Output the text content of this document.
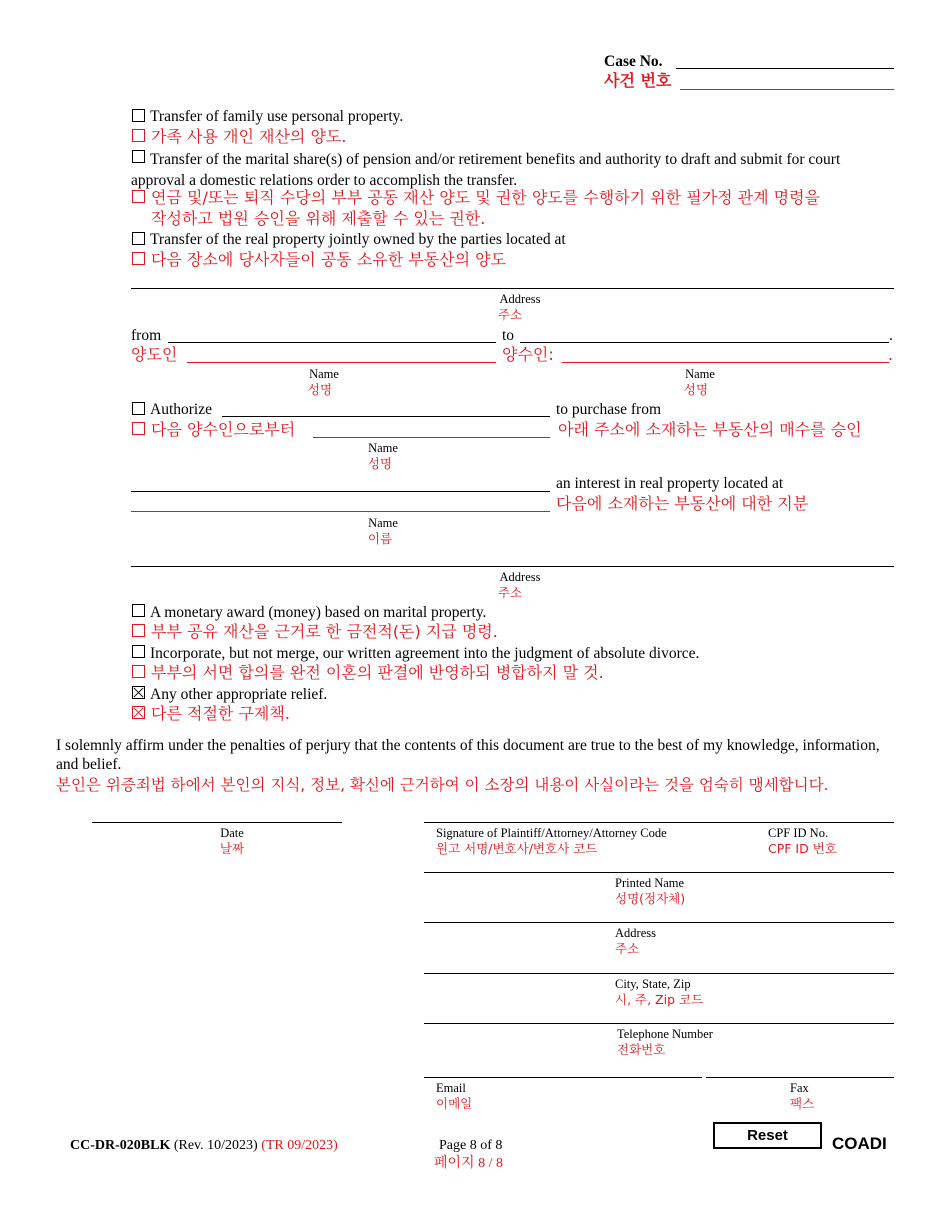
Case No.
사건 번호
Transfer of family use personal property.
가족 사용 개인 재산의 양도.
Transfer of the marital share(s) of pension and/or retirement benefits and authority to draft and submit for court approval a domestic relations order to accomplish the transfer.
연금 및/또는 퇴직 수당의 부부 공동 재산 양도 및 권한 양도를 수행하기 위한 필가정 관계 명령을
작성하고 법원 승인을 위해 제출할 수 있는 권한.
Transfer of the real property jointly owned by the parties located at
다음 장소에 당사자들이 공동 소유한 부동산의 양도
Address
주소
from	to	.
양도인	양수인:	.
Name
성명
Name
성명
Authorize	to purchase from
다음 양수인으로부터	아래 주소에 소재하는 부동산의 매수를 승인
Name
성명
an interest in real property located at
다음에 소재하는 부동산에 대한 지분
Name
이름
Address
주소
A monetary award (money) based on marital property.
부부 공유 재산을 근거로 한 금전적(돈) 지급 명령.
Incorporate, but not merge, our written agreement into the judgment of absolute divorce.
부부의 서면 합의를 완전 이혼의 판결에 반영하되 병합하지 말 것.
Any other appropriate relief.
다른 적절한 구제책.
I solemnly affirm under the penalties of perjury that the contents of this document are true to the best of my knowledge, information, and belief.
본인은 위증죄법 하에서 본인의 지식, 정보, 확신에 근거하여 이 소장의 내용이 사실이라는 것을 엄숙히 맹세합니다.
Date
날짜
Signature of Plaintiff/Attorney/Attorney Code
원고 서명/변호사/변호사 코드
CPF ID No.
CPF ID 번호
Printed Name
성명(정자체)
Address
주소
City, State, Zip
시, 주, Zip 코드
Telephone Number
전화번호
Email
이메일
Fax
팩스
CC-DR-020BLK (Rev. 10/2023) (TR 09/2023)	Page 8 of 8
페이지 8 / 8
Reset	COADI
